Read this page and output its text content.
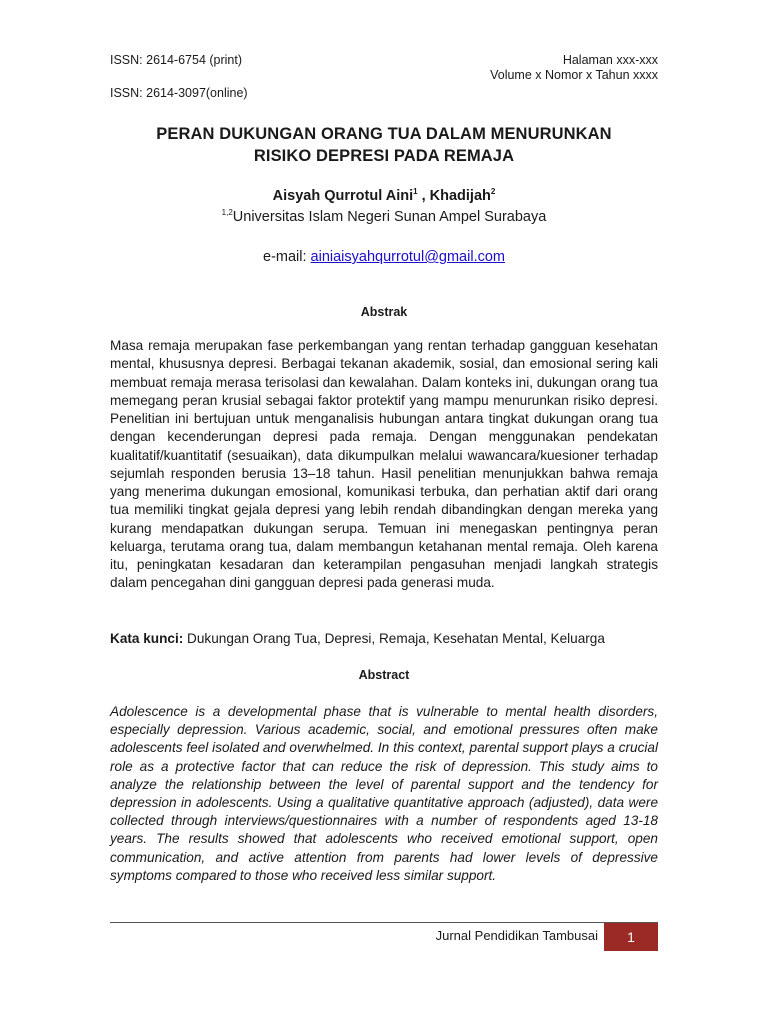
ISSN: 2614-6754 (print)
ISSN: 2614-3097(online)
Halaman xxx-xxx
Volume x Nomor x Tahun xxxx
PERAN DUKUNGAN ORANG TUA DALAM MENURUNKAN
RISIKO DEPRESI PADA REMAJA
Aisyah Qurrotul Aini$^1$ , Khadijah$^2$
$^{1,2}$Universitas Islam Negeri Sunan Ampel Surabaya
e-mail: ainiaisyahqurrotul@gmail.com
Abstrak
Masa remaja merupakan fase perkembangan yang rentan terhadap gangguan kesehatan mental, khususnya depresi. Berbagai tekanan akademik, sosial, dan emosional sering kali membuat remaja merasa terisolasi dan kewalahan. Dalam konteks ini, dukungan orang tua memegang peran krusial sebagai faktor protektif yang mampu menurunkan risiko depresi. Penelitian ini bertujuan untuk menganalisis hubungan antara tingkat dukungan orang tua dengan kecenderungan depresi pada remaja. Dengan menggunakan pendekatan kualitatif/kuantitatif (sesuaikan), data dikumpulkan melalui wawancara/kuesioner terhadap sejumlah responden berusia 13–18 tahun. Hasil penelitian menunjukkan bahwa remaja yang menerima dukungan emosional, komunikasi terbuka, dan perhatian aktif dari orang tua memiliki tingkat gejala depresi yang lebih rendah dibandingkan dengan mereka yang kurang mendapatkan dukungan serupa. Temuan ini menegaskan pentingnya peran keluarga, terutama orang tua, dalam membangun ketahanan mental remaja. Oleh karena itu, peningkatan kesadaran dan keterampilan pengasuhan menjadi langkah strategis dalam pencegahan dini gangguan depresi pada generasi muda.
Kata kunci: Dukungan Orang Tua, Depresi, Remaja, Kesehatan Mental, Keluarga
Abstract
Adolescence is a developmental phase that is vulnerable to mental health disorders, especially depression. Various academic, social, and emotional pressures often make adolescents feel isolated and overwhelmed. In this context, parental support plays a crucial role as a protective factor that can reduce the risk of depression. This study aims to analyze the relationship between the level of parental support and the tendency for depression in adolescents. Using a qualitative quantitative approach (adjusted), data were collected through interviews/questionnaires with a number of respondents aged 13-18 years. The results showed that adolescents who received emotional support, open communication, and active attention from parents had lower levels of depressive symptoms compared to those who received less similar support.
Jurnal Pendidikan Tambusai	1
